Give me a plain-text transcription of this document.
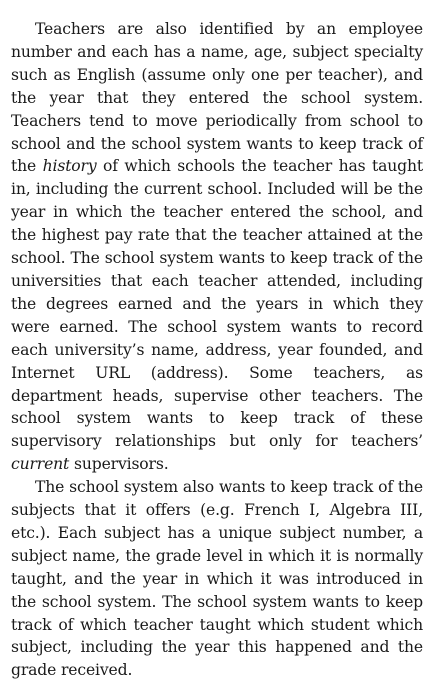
Teachers are also identified by an employee number and each has a name, age, subject specialty such as English (assume only one per teacher), and the year that they entered the school system. Teachers tend to move periodically from school to school and the school system wants to keep track of the history of which schools the teacher has taught in, including the current school. Included will be the year in which the teacher entered the school, and the highest pay rate that the teacher attained at the school. The school system wants to keep track of the universities that each teacher attended, including the degrees earned and the years in which they were earned. The school system wants to record each university’s name, address, year founded, and Internet URL (address). Some teachers, as department heads, supervise other teachers. The school system wants to keep track of these supervisory relationships but only for teachers’ current supervisors.

The school system also wants to keep track of the subjects that it offers (e.g. French I, Algebra III, etc.). Each subject has a unique subject number, a subject name, the grade level in which it is normally taught, and the year in which it was introduced in the school system. The school system wants to keep track of which teacher taught which student which subject, including the year this happened and the grade received.
